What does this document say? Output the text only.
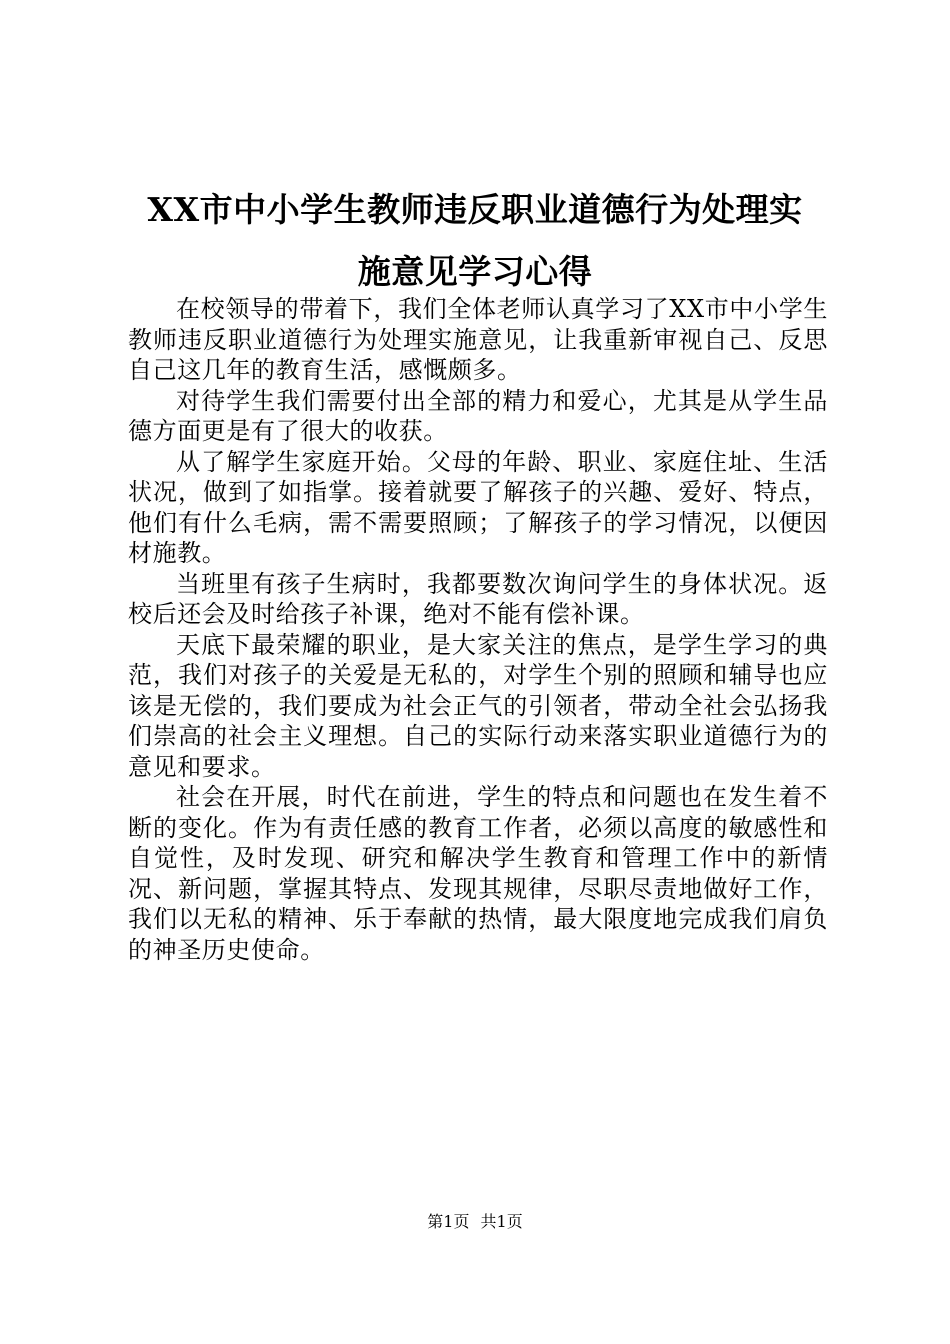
XX市中小学生教师违反职业道德行为处理实
施意见学习心得

在校领导的带着下，我们全体老师认真学习了XX市中小学生教师违反职业道德行为处理实施意见，让我重新审视自己、反思自己这几年的教育生活，感慨颇多。

对待学生我们需要付出全部的精力和爱心，尤其是从学生品德方面更是有了很大的收获。

从了解学生家庭开始。父母的年龄、职业、家庭住址、生活状况，做到了如指掌。接着就要了解孩子的兴趣、爱好、特点，他们有什么毛病，需不需要照顾；了解孩子的学习情况，以便因材施教。

当班里有孩子生病时，我都要数次询问学生的身体状况。返校后还会及时给孩子补课，绝对不能有偿补课。

天底下最荣耀的职业，是大家关注的焦点，是学生学习的典范，我们对孩子的关爱是无私的，对学生个别的照顾和辅导也应该是无偿的，我们要成为社会正气的引领者，带动全社会弘扬我们崇高的社会主义理想。自己的实际行动来落实职业道德行为的意见和要求。

社会在开展，时代在前进，学生的特点和问题也在发生着不断的变化。作为有责任感的教育工作者，必须以高度的敏感性和自觉性，及时发现、研究和解决学生教育和管理工作中的新情况、新问题，掌握其特点、发现其规律，尽职尽责地做好工作，我们以无私的精神、乐于奉献的热情，最大限度地完成我们肩负的神圣历史使命。

第1页 共1页
